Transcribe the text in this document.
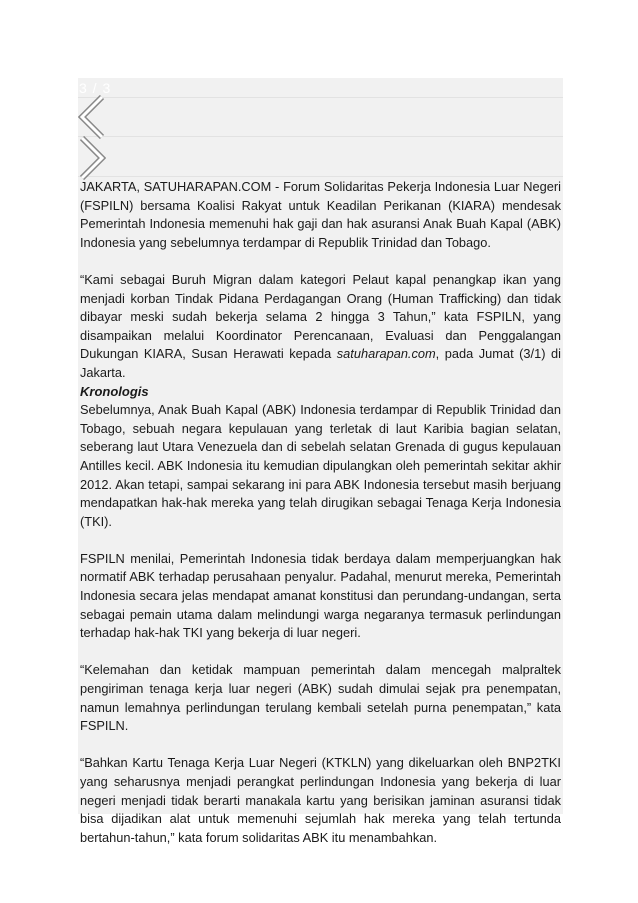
3 / 3

JAKARTA, SATUHARAPAN.COM - Forum Solidaritas Pekerja Indonesia Luar Negeri (FSPILN) bersama Koalisi Rakyat untuk Keadilan Perikanan (KIARA) mendesak Pemerintah Indonesia memenuhi hak gaji dan hak asuransi Anak Buah Kapal (ABK) Indonesia yang sebelumnya terdampar di Republik Trinidad dan Tobago.

“Kami sebagai Buruh Migran dalam kategori Pelaut kapal penangkap ikan yang menjadi korban Tindak Pidana Perdagangan Orang (Human Trafficking) dan tidak dibayar meski sudah bekerja selama 2 hingga 3 Tahun,” kata FSPILN, yang disampaikan melalui Koordinator Perencanaan, Evaluasi dan Penggalangan Dukungan KIARA, Susan Herawati kepada satuharapan.com, pada Jumat (3/1) di Jakarta.

Kronologis

Sebelumnya, Anak Buah Kapal (ABK) Indonesia terdampar di Republik Trinidad dan Tobago, sebuah negara kepulauan yang terletak di laut Karibia bagian selatan, seberang laut Utara Venezuela dan di sebelah selatan Grenada di gugus kepulauan Antilles kecil. ABK Indonesia itu kemudian dipulangkan oleh pemerintah sekitar akhir 2012. Akan tetapi, sampai sekarang ini para ABK Indonesia tersebut masih berjuang mendapatkan hak-hak mereka yang telah dirugikan sebagai Tenaga Kerja Indonesia (TKI).

FSPILN menilai, Pemerintah Indonesia tidak berdaya dalam memperjuangkan hak normatif ABK terhadap perusahaan penyalur. Padahal, menurut mereka, Pemerintah Indonesia secara jelas mendapat amanat konstitusi dan perundang-undangan, serta sebagai pemain utama dalam melindungi warga negaranya termasuk perlindungan terhadap hak-hak TKI yang bekerja di luar negeri.

“Kelemahan dan ketidak mampuan pemerintah dalam mencegah malpraltek pengiriman tenaga kerja luar negeri (ABK) sudah dimulai sejak pra penempatan, namun lemahnya perlindungan terulang kembali setelah purna penempatan,” kata FSPILN.

“Bahkan Kartu Tenaga Kerja Luar Negeri (KTKLN) yang dikeluarkan oleh BNP2TKI yang seharusnya menjadi perangkat perlindungan Indonesia yang bekerja di luar negeri menjadi tidak berarti manakala kartu yang berisikan jaminan asuransi tidak bisa dijadikan alat untuk memenuhi sejumlah hak mereka yang telah tertunda bertahun-tahun,” kata forum solidaritas ABK itu menambahkan.
